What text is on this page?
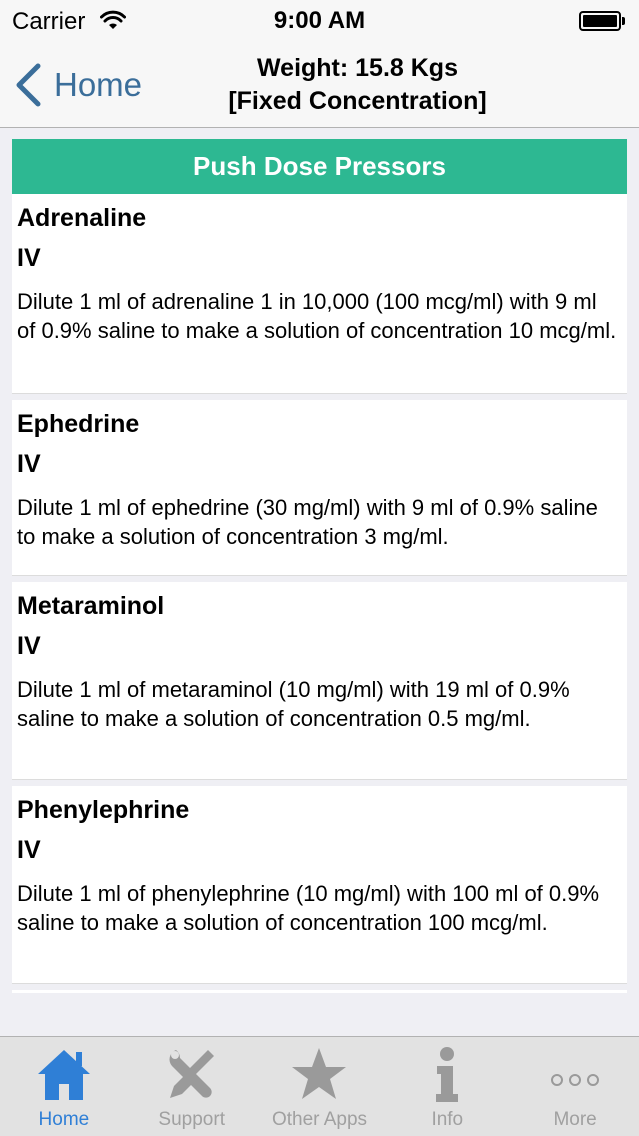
Carrier	9:00 AM
Home	Weight: 15.8 Kgs
[Fixed Concentration]
Push Dose Pressors
Adrenaline
IV
Dilute 1 ml of adrenaline 1 in 10,000 (100 mcg/ml) with 9 ml of 0.9% saline to make a solution of concentration 10 mcg/ml.
Ephedrine
IV
Dilute 1 ml of ephedrine (30 mg/ml) with 9 ml of 0.9% saline to make a solution of concentration 3 mg/ml.
Metaraminol
IV
Dilute 1 ml of metaraminol (10 mg/ml) with 19 ml of 0.9% saline to make a solution of concentration 0.5 mg/ml.
Phenylephrine
IV
Dilute 1 ml of phenylephrine (10 mg/ml) with 100 ml of 0.9% saline to make a solution of concentration 100 mcg/ml.
Home	Support Other Apps	Info	More
